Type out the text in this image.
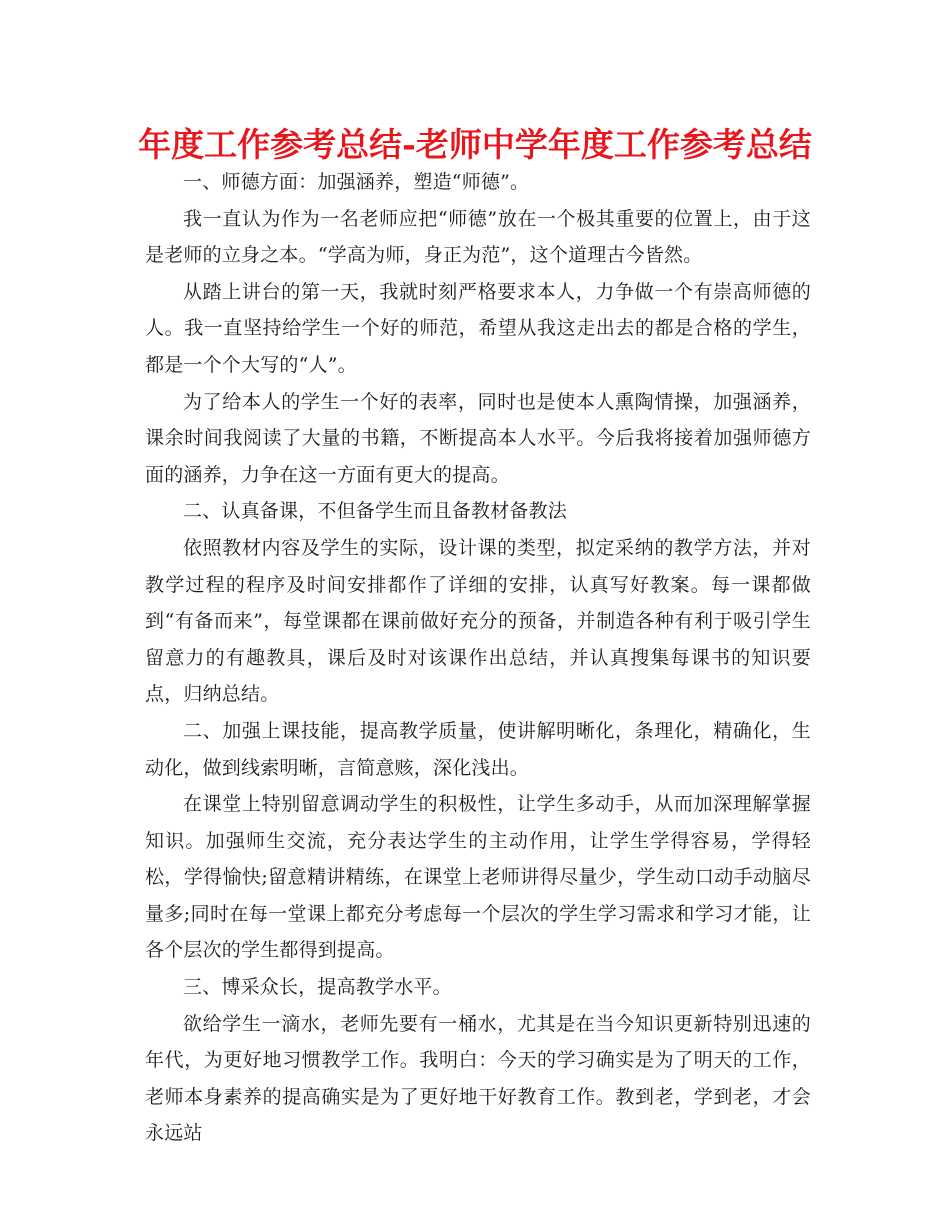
年度工作参考总结-老师中学年度工作参考总结

一、师德方面：加强涵养，塑造“师德”。

我一直认为作为一名老师应把“师德”放在一个极其重要的位置上，由于这是老师的立身之本。“学高为师，身正为范”，这个道理古今皆然。

从踏上讲台的第一天，我就时刻严格要求本人，力争做一个有崇高师德的人。我一直坚持给学生一个好的师范，希望从我这走出去的都是合格的学生，都是一个个大写的“人”。

为了给本人的学生一个好的表率，同时也是使本人熏陶情操，加强涵养，课余时间我阅读了大量的书籍，不断提高本人水平。今后我将接着加强师德方面的涵养，力争在这一方面有更大的提高。

二、认真备课，不但备学生而且备教材备教法

依照教材内容及学生的实际，设计课的类型，拟定采纳的教学方法，并对教学过程的程序及时间安排都作了详细的安排，认真写好教案。每一课都做到“有备而来”，每堂课都在课前做好充分的预备，并制造各种有利于吸引学生留意力的有趣教具，课后及时对该课作出总结，并认真搜集每课书的知识要点，归纳总结。

二、加强上课技能，提高教学质量，使讲解明晰化，条理化，精确化，生动化，做到线索明晰，言简意赅，深化浅出。

在课堂上特别留意调动学生的积极性，让学生多动手，从而加深理解掌握知识。加强师生交流，充分表达学生的主动作用，让学生学得容易，学得轻松，学得愉快;留意精讲精练，在课堂上老师讲得尽量少，学生动口动手动脑尽量多;同时在每一堂课上都充分考虑每一个层次的学生学习需求和学习才能，让各个层次的学生都得到提高。

三、博采众长，提高教学水平。

欲给学生一滴水，老师先要有一桶水，尤其是在当今知识更新特别迅速的年代，为更好地习惯教学工作。我明白：今天的学习确实是为了明天的工作，老师本身素养的提高确实是为了更好地干好教育工作。教到老，学到老，才会永远站
